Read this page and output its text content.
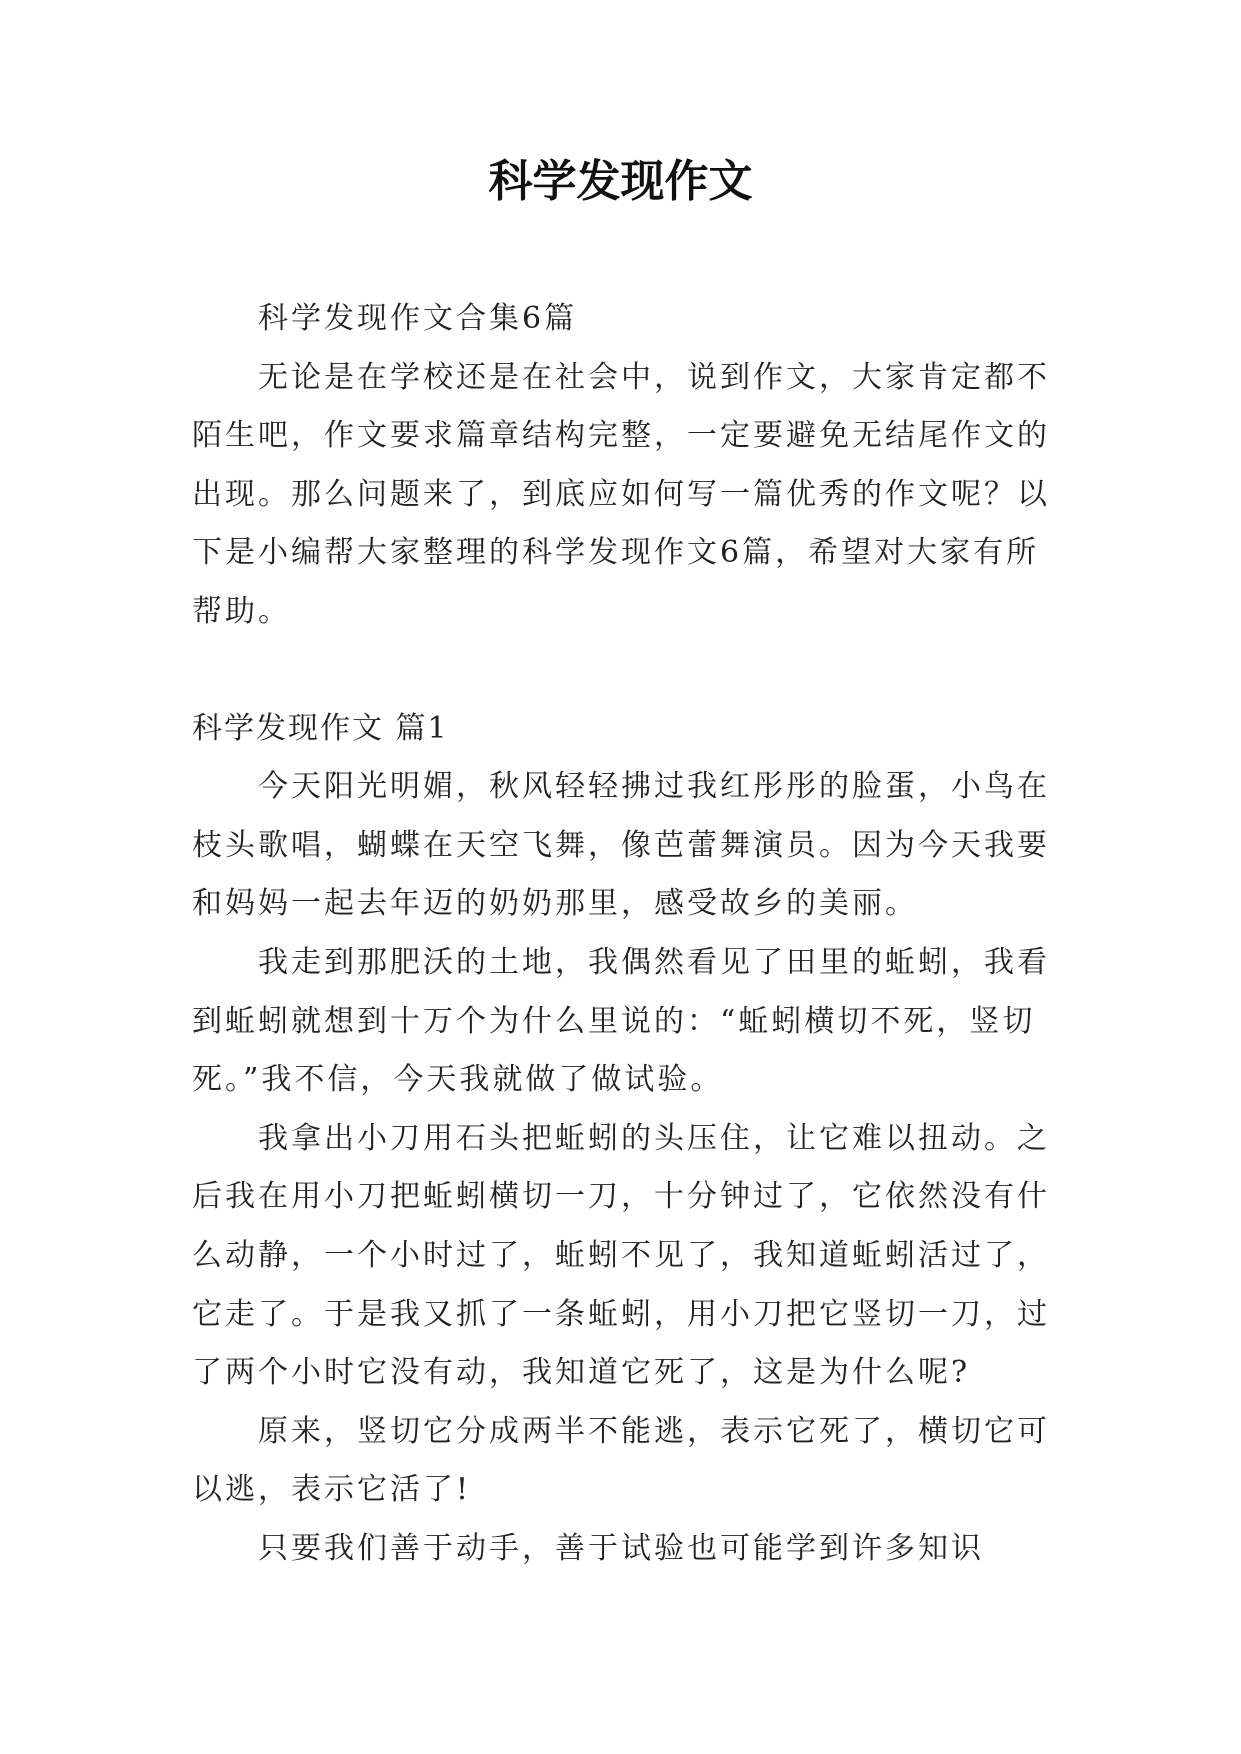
科学发现作文

科学发现作文合集6篇

无论是在学校还是在社会中，说到作文，大家肯定都不陌生吧，作文要求篇章结构完整，一定要避免无结尾作文的出现。那么问题来了，到底应如何写一篇优秀的作文呢？以下是小编帮大家整理的科学发现作文6篇，希望对大家有所帮助。

科学发现作文 篇1

今天阳光明媚，秋风轻轻拂过我红彤彤的脸蛋，小鸟在枝头歌唱，蝴蝶在天空飞舞，像芭蕾舞演员。因为今天我要和妈妈一起去年迈的奶奶那里，感受故乡的美丽。

我走到那肥沃的土地，我偶然看见了田里的蚯蚓，我看到蚯蚓就想到十万个为什么里说的：“蚯蚓横切不死，竖切死。”我不信，今天我就做了做试验。

我拿出小刀用石头把蚯蚓的头压住，让它难以扭动。之后我在用小刀把蚯蚓横切一刀，十分钟过了，它依然没有什么动静，一个小时过了，蚯蚓不见了，我知道蚯蚓活过了，它走了。于是我又抓了一条蚯蚓，用小刀把它竖切一刀，过了两个小时它没有动，我知道它死了，这是为什么呢?

原来，竖切它分成两半不能逃，表示它死了，横切它可以逃，表示它活了!

只要我们善于动手，善于试验也可能学到许多知识
